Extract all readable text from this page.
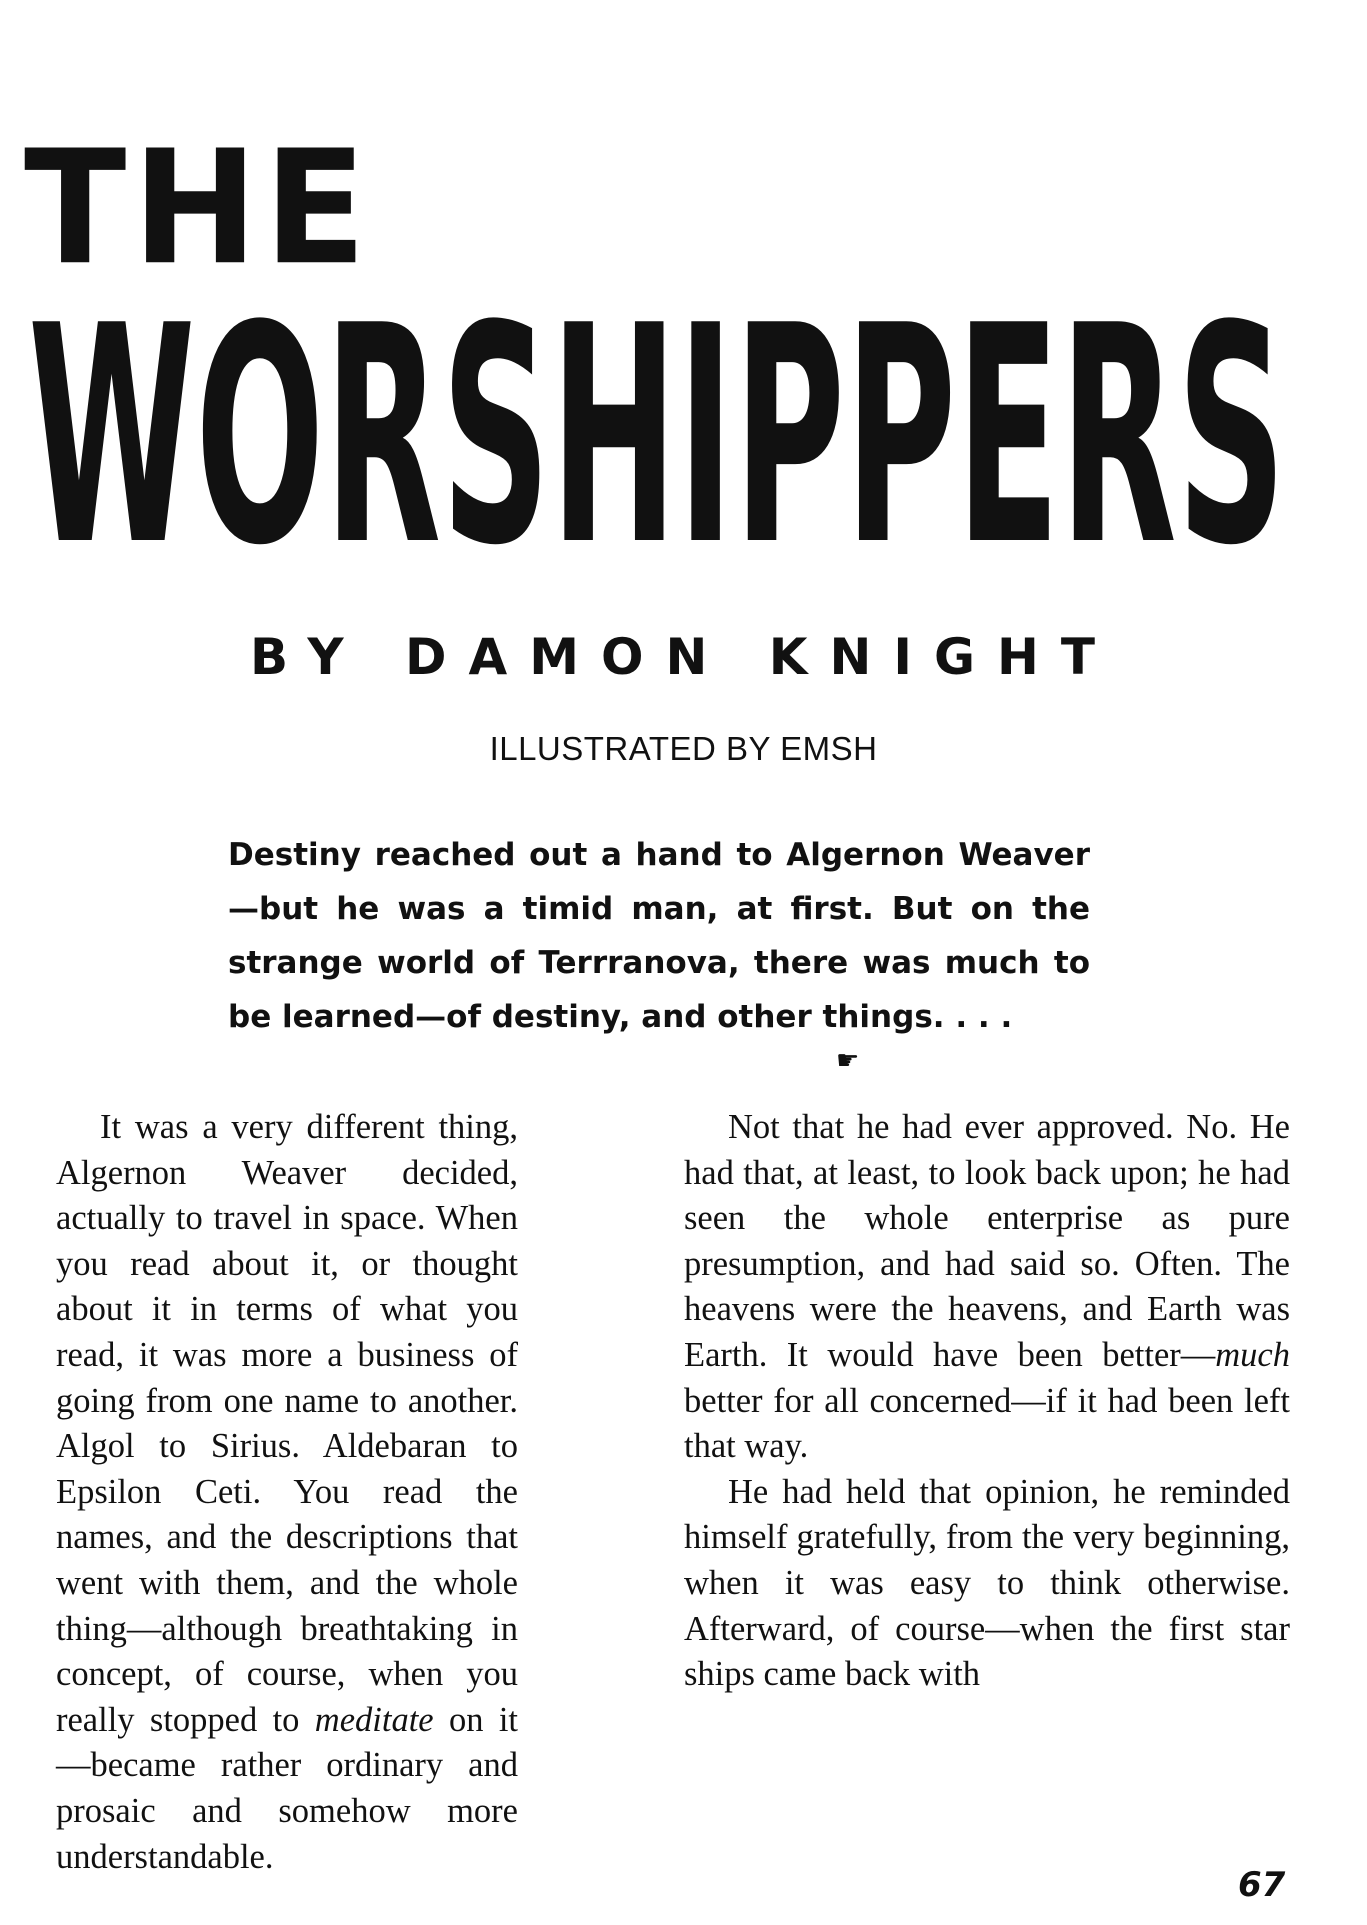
THE
WORSHIPPERS
BY DAMON KNIGHT
ILLUSTRATED BY EMSH

Destiny reached out a hand to Algernon Weaver —but he was a timid man, at first. But on the strange world of Terrranova, there was much to be learned—of destiny, and other things. . . .

☛

It was a very different thing, Algernon Weaver decided, actually to travel in space. When you read about it, or thought about it in terms of what you read, it was more a business of going from one name to another. Algol to Sirius. Aldebaran to Epsilon Ceti. You read the names, and the descriptions that went with them, and the whole thing—although breathtaking in concept, of course, when you really stopped to meditate on it—became rather ordinary and prosaic and somehow more understandable.

Not that he had ever approved. No. He had that, at least, to look back upon; he had seen the whole enterprise as pure presumption, and had said so. Often. The heavens were the heavens, and Earth was Earth. It would have been better—much better for all concerned—if it had been left that way.

He had held that opinion, he reminded himself gratefully, from the very beginning, when it was easy to think otherwise. Afterward, of course—when the first star ships came back with

67
